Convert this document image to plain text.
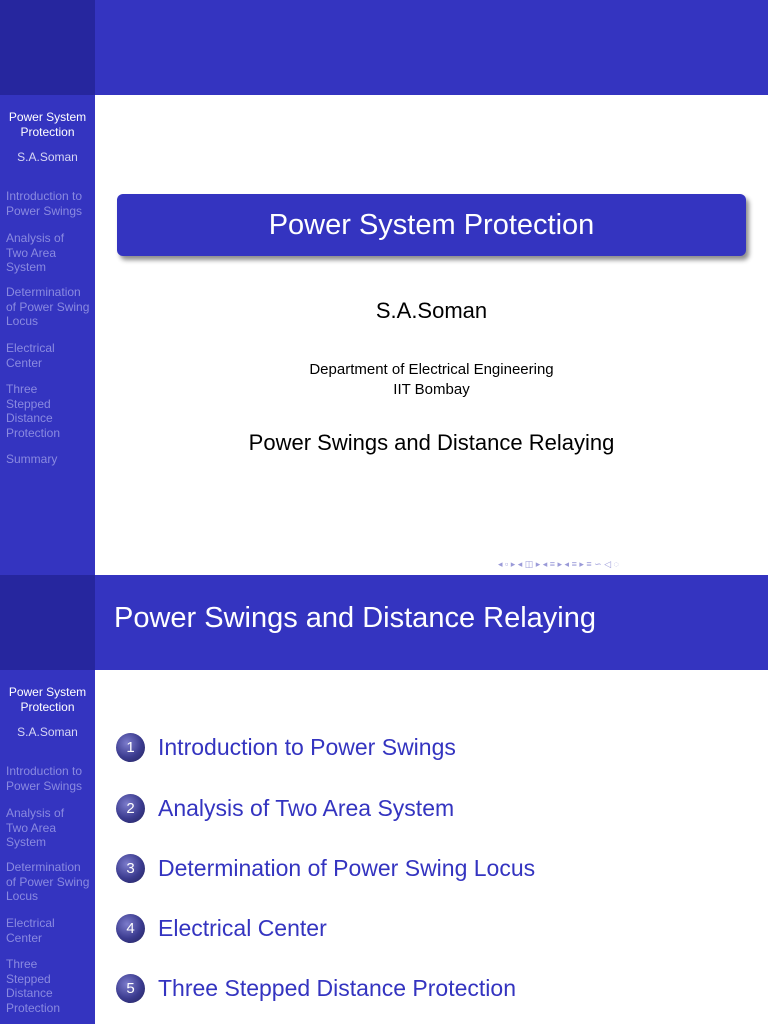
Power System Protection
S.A.Soman
Introduction to Power Swings
Analysis of Two Area System
Determination of Power Swing Locus
Electrical Center
Three Stepped Distance Protection
Summary
Power System Protection
S.A.Soman
Department of Electrical Engineering
IIT Bombay
Power Swings and Distance Relaying
◂ ▫ ▸ ◂ ◫ ▸ ◂ ≡ ▸ ◂ ≡ ▸ ≡ ∽ ◁ ◌
Power Swings and Distance Relaying
Power System Protection
S.A.Soman
Introduction to Power Swings
Analysis of Two Area System
Determination of Power Swing Locus
Electrical Center
Three Stepped Distance Protection
1	Introduction to Power Swings
2	Analysis of Two Area System
3	Determination of Power Swing Locus
4	Electrical Center
5	Three Stepped Distance Protection
